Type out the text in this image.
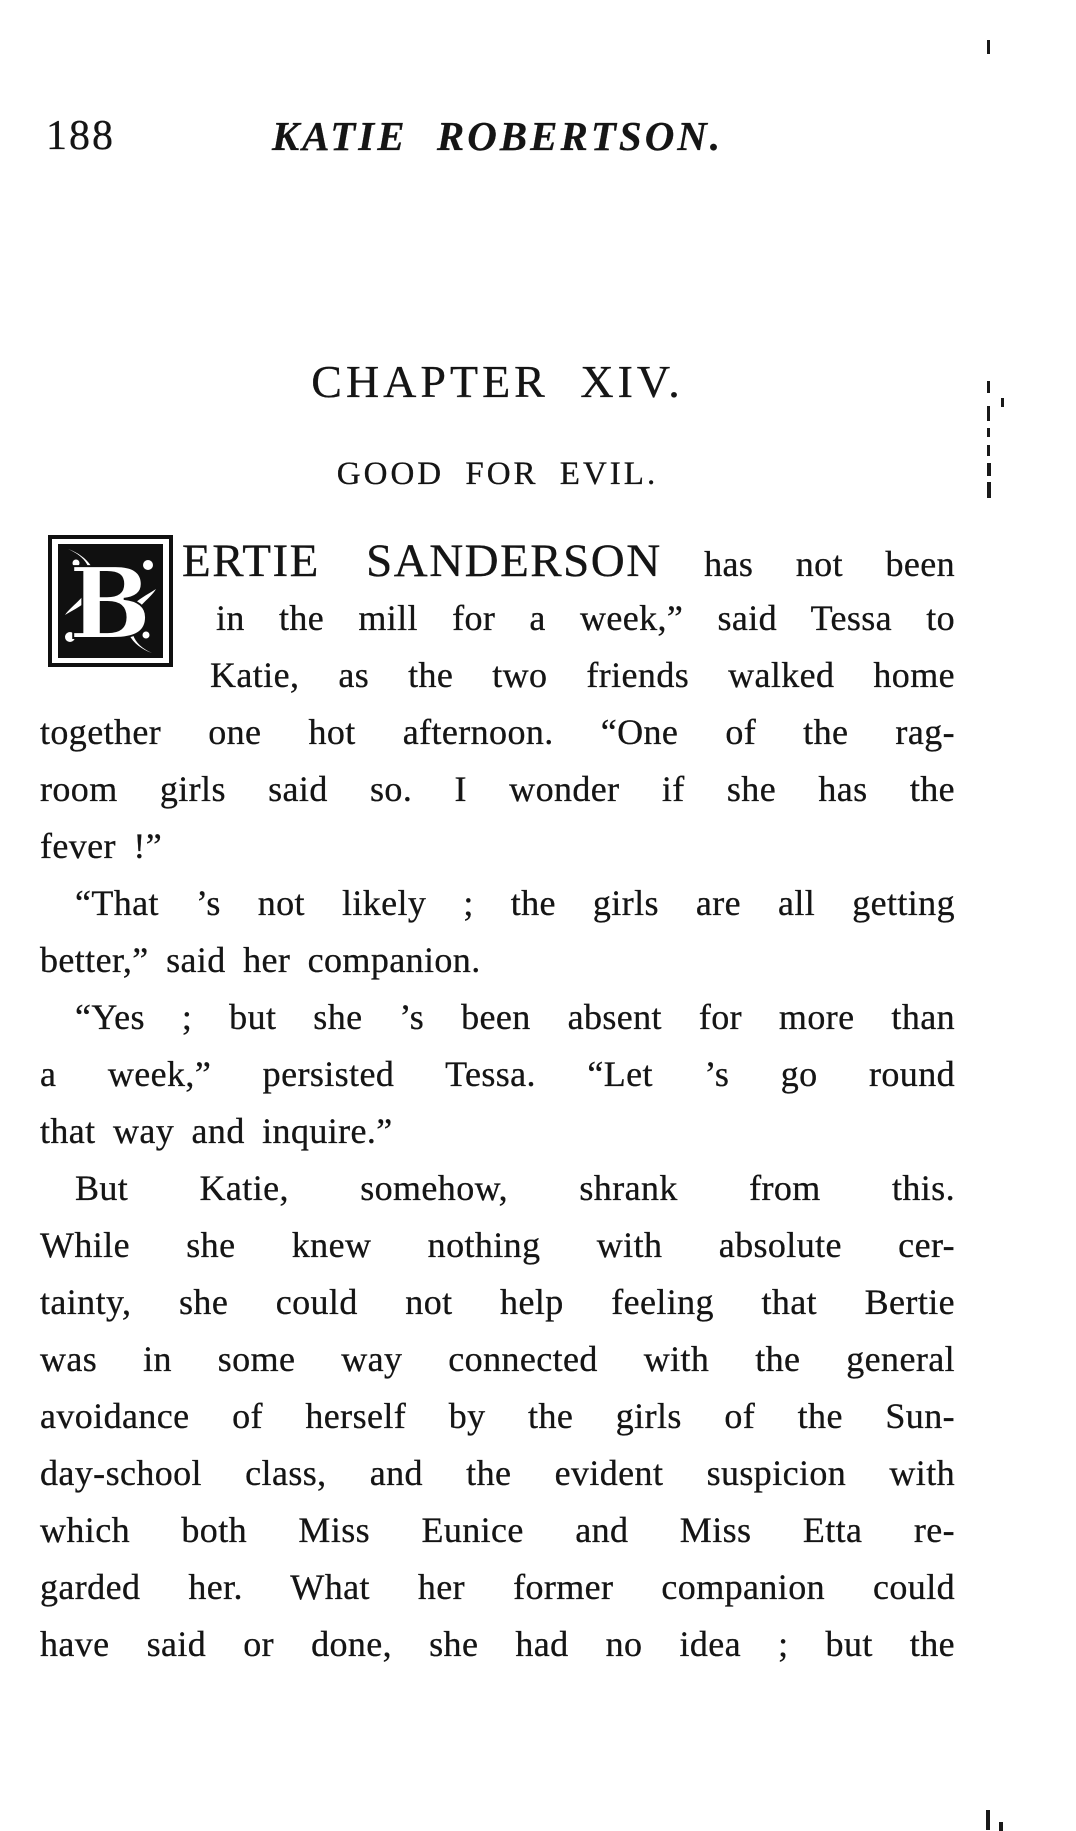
188	KATIE ROBERTSON.
CHAPTER XIV.
GOOD FOR EVIL.
B ERTIE SANDERSON has not been
in the mill for a week,” said Tessa to
Katie, as the two friends walked home
together one hot afternoon. “One of the rag-
room girls said so. I wonder if she has the
fever !”
“That ’s not likely ; the girls are all getting
better,” said her companion.
“Yes ; but she ’s been absent for more than
a week,” persisted Tessa. “Let ’s go round
that way and inquire.”
But Katie, somehow, shrank from this.
While she knew nothing with absolute cer-
tainty, she could not help feeling that Bertie
was in some way connected with the general
avoidance of herself by the girls of the Sun-
day-school class, and the evident suspicion with
which both Miss Eunice and Miss Etta re-
garded her. What her former companion could
have said or done, she had no idea ; but the
